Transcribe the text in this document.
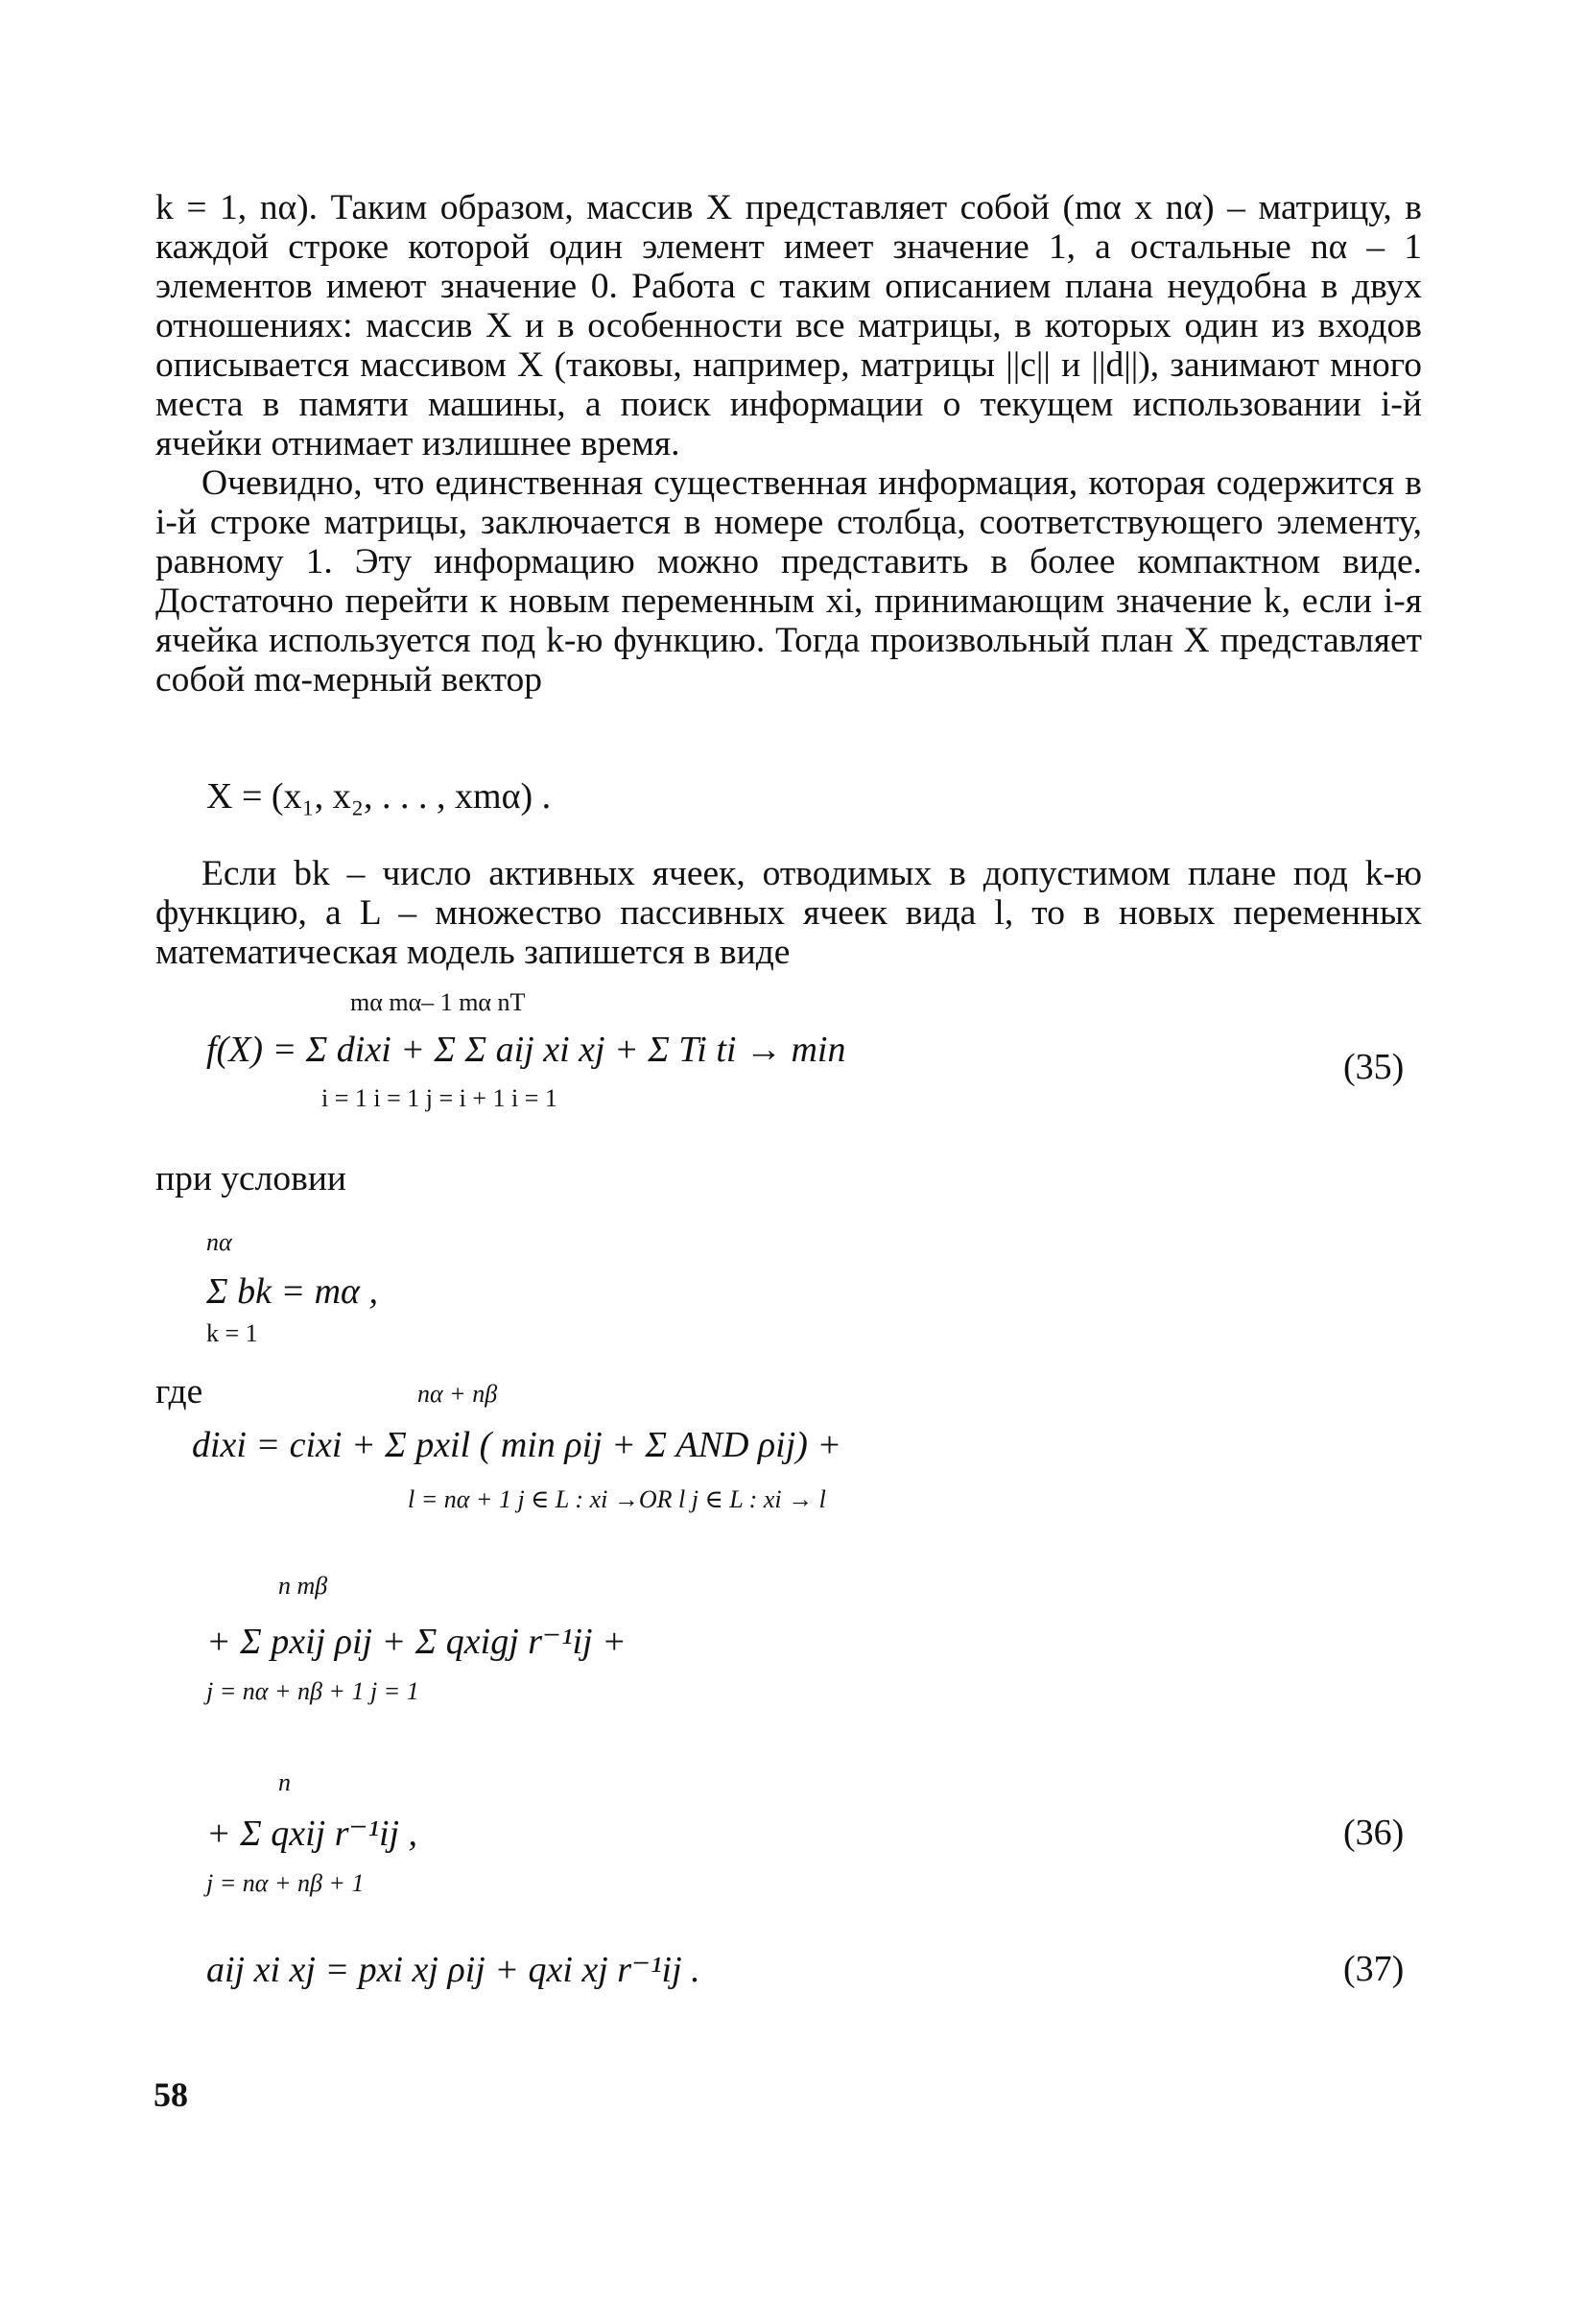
k = 1, nα). Таким образом, массив X представляет собой (mα x nα) – матрицу, в каждой строке которой один элемент имеет значение 1, а остальные nα – 1 элементов имеют значение 0. Работа с таким описанием плана неудобна в двух отношениях: массив X и в особенности все матрицы, в которых один из входов описывается массивом X (таковы, например, матрицы ||c|| и ||d||), занимают много места в памяти машины, а поиск информации о текущем использовании i-й ячейки отнимает излишнее время.

Очевидно, что единственная существенная информация, которая содержится в i-й строке матрицы, заключается в номере столбца, соответствующего элементу, равному 1. Эту информацию можно представить в более компактном виде. Достаточно перейти к новым переменным xi, принимающим значение k, если i-я ячейка используется под k-ю функцию. Тогда произвольный план X представляет собой mα-мерный вектор

X = (x₁, x₂, . . . , xmα) .

Если bk – число активных ячеек, отводимых в допустимом плане под k-ю функцию, а L – множество пассивных ячеек вида l, то в новых переменных математическая модель запишется в виде

mα mα– 1 mα nT
f(X) = Σ dixi + Σ Σ aij xi xj + Σ Ti ti → min
i = 1 i = 1 j = i + 1 i = 1
(35)
при условии
nα
Σ bk = mα ,
k = 1
где	nα + nβ
dixi = cixi + Σ pxil ( min ρij + Σ AND ρij) +
l = nα + 1 j ∈ L : xi →OR l j ∈ L : xi → l
n mβ
+ Σ pxij ρij + Σ qxigj r⁻¹ij +
j = nα + nβ + 1 j = 1
n
+ Σ qxij r⁻¹ij ,
j = nα + nβ + 1
(36)
aij xi xj = pxi xj ρij + qxi xj r⁻¹ij .	(37)
58
